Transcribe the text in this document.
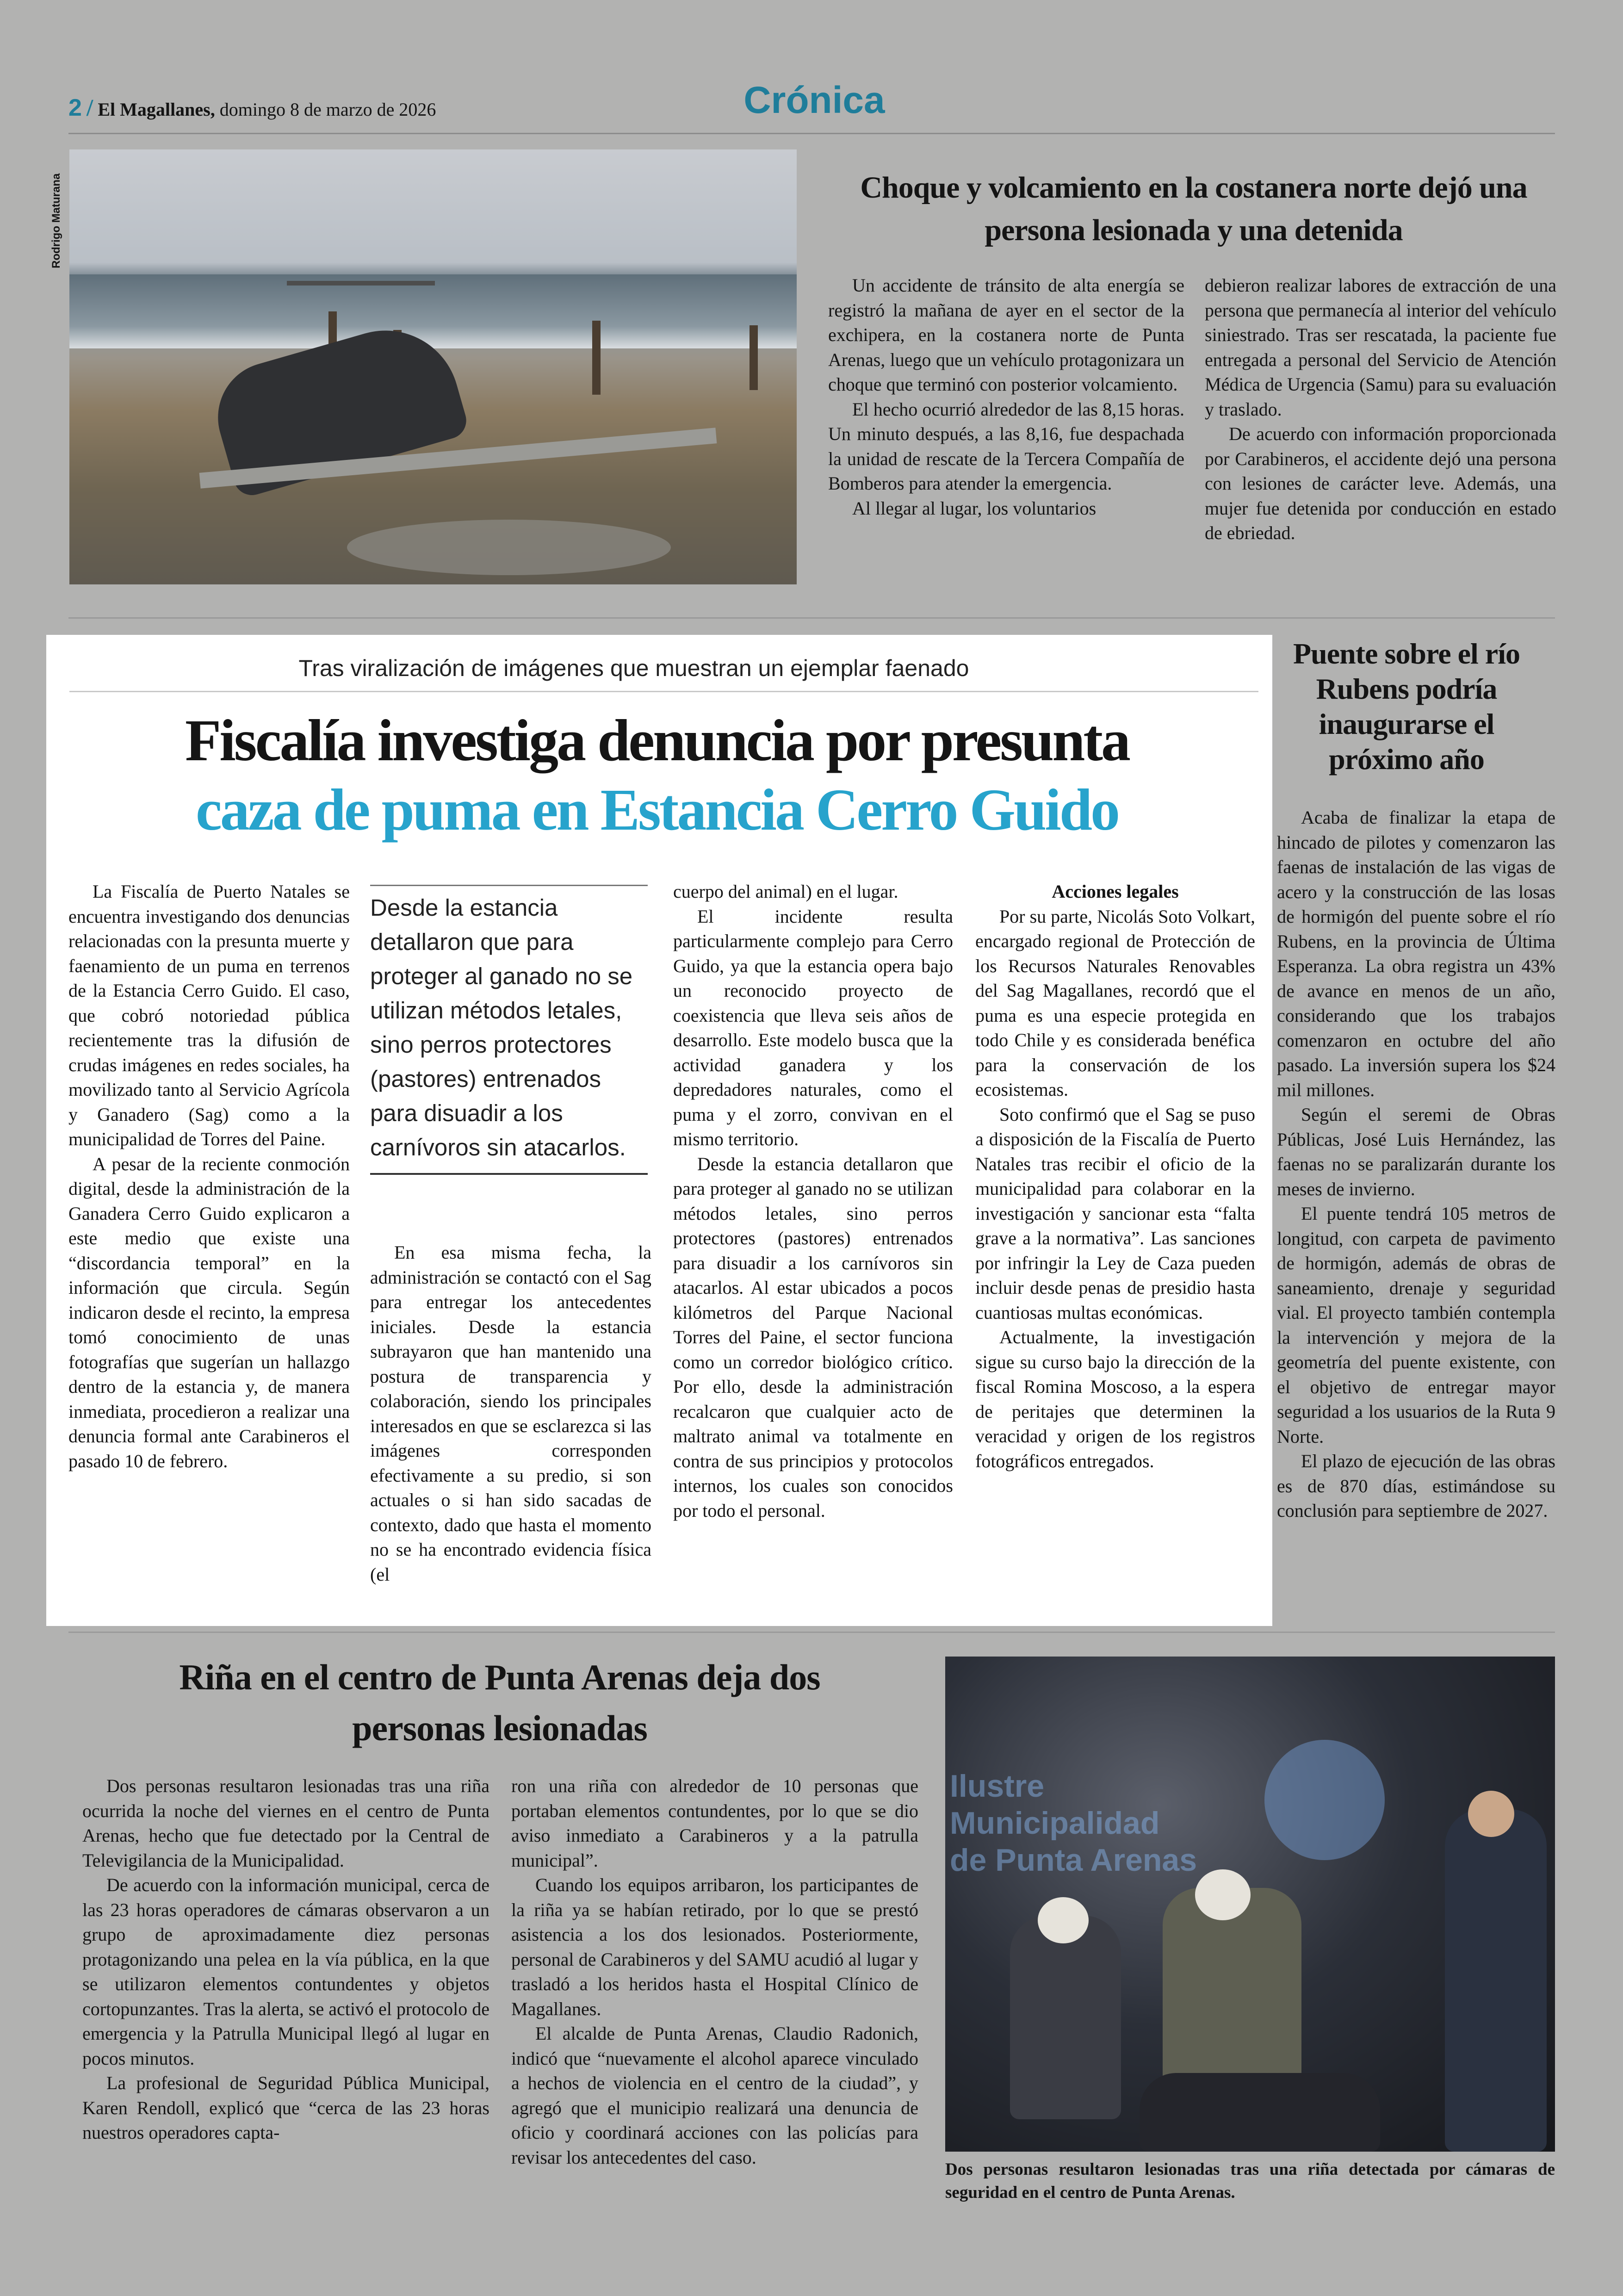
2 / El Magallanes, domingo 8 de marzo de 2026	Crónica
Rodrigo Maturana	Choque y volcamiento en la costanera norte dejó una persona lesionada y una detenida

Un accidente de tránsito de alta energía se registró la mañana de ayer en el sector de la exchipera, en la costanera norte de Punta Arenas, luego que un vehículo protagonizara un choque que terminó con posterior volcamiento.

El hecho ocurrió alrededor de las 8,15 horas. Un minuto después, a las 8,16, fue despachada la unidad de rescate de la Tercera Compañía de Bomberos para atender la emergencia.

Al llegar al lugar, los voluntarios

debieron realizar labores de extracción de una persona que permanecía al interior del vehículo siniestrado. Tras ser rescatada, la paciente fue entregada a personal del Servicio de Atención Médica de Urgencia (Samu) para su evaluación y traslado.

De acuerdo con información proporcionada por Carabineros, el accidente dejó una persona con lesiones de carácter leve. Además, una mujer fue detenida por conducción en estado de ebriedad.

Tras viralización de imágenes que muestran un ejemplar faenado
Fiscalía investiga denuncia por presunta
caza de puma en Estancia Cerro Guido

La Fiscalía de Puerto Natales se encuentra investigando dos denuncias relacionadas con la presunta muerte y faenamiento de un puma en terrenos de la Estancia Cerro Guido. El caso, que cobró notoriedad pública recientemente tras la difusión de crudas imágenes en redes sociales, ha movilizado tanto al Servicio Agrícola y Ganadero (Sag) como a la municipalidad de Torres del Paine.

A pesar de la reciente conmoción digital, desde la administración de la Ganadera Cerro Guido explicaron a este medio que existe una “discordancia temporal” en la información que circula. Según indicaron desde el recinto, la empresa tomó conocimiento de unas fotografías que sugerían un hallazgo dentro de la estancia y, de manera inmediata, procedieron a realizar una denuncia formal ante Carabineros el pasado 10 de febrero.

Desde la estancia detallaron que para proteger al ganado no se utilizan métodos letales, sino perros protectores (pastores) entrenados para disuadir a los carnívoros sin atacarlos.

En esa misma fecha, la administración se contactó con el Sag para entregar los antecedentes iniciales. Desde la estancia subrayaron que han mantenido una postura de transparencia y colaboración, siendo los principales interesados en que se esclarezca si las imágenes corresponden efectivamente a su predio, si son actuales o si han sido sacadas de contexto, dado que hasta el momento no se ha encontrado evidencia física (el

cuerpo del animal) en el lugar.

El incidente resulta particularmente complejo para Cerro Guido, ya que la estancia opera bajo un reconocido proyecto de coexistencia que lleva seis años de desarrollo. Este modelo busca que la actividad ganadera y los depredadores naturales, como el puma y el zorro, convivan en el mismo territorio.

Desde la estancia detallaron que para proteger al ganado no se utilizan métodos letales, sino perros protectores (pastores) entrenados para disuadir a los carnívoros sin atacarlos. Al estar ubicados a pocos kilómetros del Parque Nacional Torres del Paine, el sector funciona como un corredor biológico crítico. Por ello, desde la administración recalcaron que cualquier acto de maltrato animal va totalmente en contra de sus principios y protocolos internos, los cuales son conocidos por todo el personal.

Acciones legales

Por su parte, Nicolás Soto Volkart, encargado regional de Protección de los Recursos Naturales Renovables del Sag Magallanes, recordó que el puma es una especie protegida en todo Chile y es considerada benéfica para la conservación de los ecosistemas.

Soto confirmó que el Sag se puso a disposición de la Fiscalía de Puerto Natales tras recibir el oficio de la municipalidad para colaborar en la investigación y sancionar esta “falta grave a la normativa”. Las sanciones por infringir la Ley de Caza pueden incluir desde penas de presidio hasta cuantiosas multas económicas.

Actualmente, la investigación sigue su curso bajo la dirección de la fiscal Romina Moscoso, a la espera de peritajes que determinen la veracidad y origen de los registros fotográficos entregados.

Puente sobre el río Rubens podría inaugurarse el próximo año

Acaba de finalizar la etapa de hincado de pilotes y comenzaron las faenas de instalación de las vigas de acero y la construcción de las losas de hormigón del puente sobre el río Rubens, en la provincia de Última Esperanza. La obra registra un 43% de avance en menos de un año, considerando que los trabajos comenzaron en octubre del año pasado. La inversión supera los $24 mil millones.

Según el seremi de Obras Públicas, José Luis Hernández, las faenas no se paralizarán durante los meses de invierno.

El puente tendrá 105 metros de longitud, con carpeta de pavimento de hormigón, además de obras de saneamiento, drenaje y seguridad vial. El proyecto también contempla la intervención y mejora de la geometría del puente existente, con el objetivo de entregar mayor seguridad a los usuarios de la Ruta 9 Norte.

El plazo de ejecución de las obras es de 870 días, estimándose su conclusión para septiembre de 2027.

Riña en el centro de Punta Arenas deja dos personas lesionadas

Dos personas resultaron lesionadas tras una riña ocurrida la noche del viernes en el centro de Punta Arenas, hecho que fue detectado por la Central de Televigilancia de la Municipalidad.

De acuerdo con la información municipal, cerca de las 23 horas operadores de cámaras observaron a un grupo de aproximadamente diez personas protagonizando una pelea en la vía pública, en la que se utilizaron elementos contundentes y objetos cortopunzantes. Tras la alerta, se activó el protocolo de emergencia y la Patrulla Municipal llegó al lugar en pocos minutos.

La profesional de Seguridad Pública Municipal, Karen Rendoll, explicó que “cerca de las 23 horas nuestros operadores capta-

ron una riña con alrededor de 10 personas que portaban elementos contundentes, por lo que se dio aviso inmediato a Carabineros y a la patrulla municipal”.

Cuando los equipos arribaron, los participantes de la riña ya se habían retirado, por lo que se prestó asistencia a los dos lesionados. Posteriormente, personal de Carabineros y del SAMU acudió al lugar y trasladó a los heridos hasta el Hospital Clínico de Magallanes.

El alcalde de Punta Arenas, Claudio Radonich, indicó que “nuevamente el alcohol aparece vinculado a hechos de violencia en el centro de la ciudad”, y agregó que el municipio realizará una denuncia de oficio y coordinará acciones con las policías para revisar los antecedentes del caso.

Ilustre
Municipalidad
de Punta Arenas
Dos personas resultaron lesionadas tras una riña detectada por cámaras de seguridad en el centro de Punta Arenas.
